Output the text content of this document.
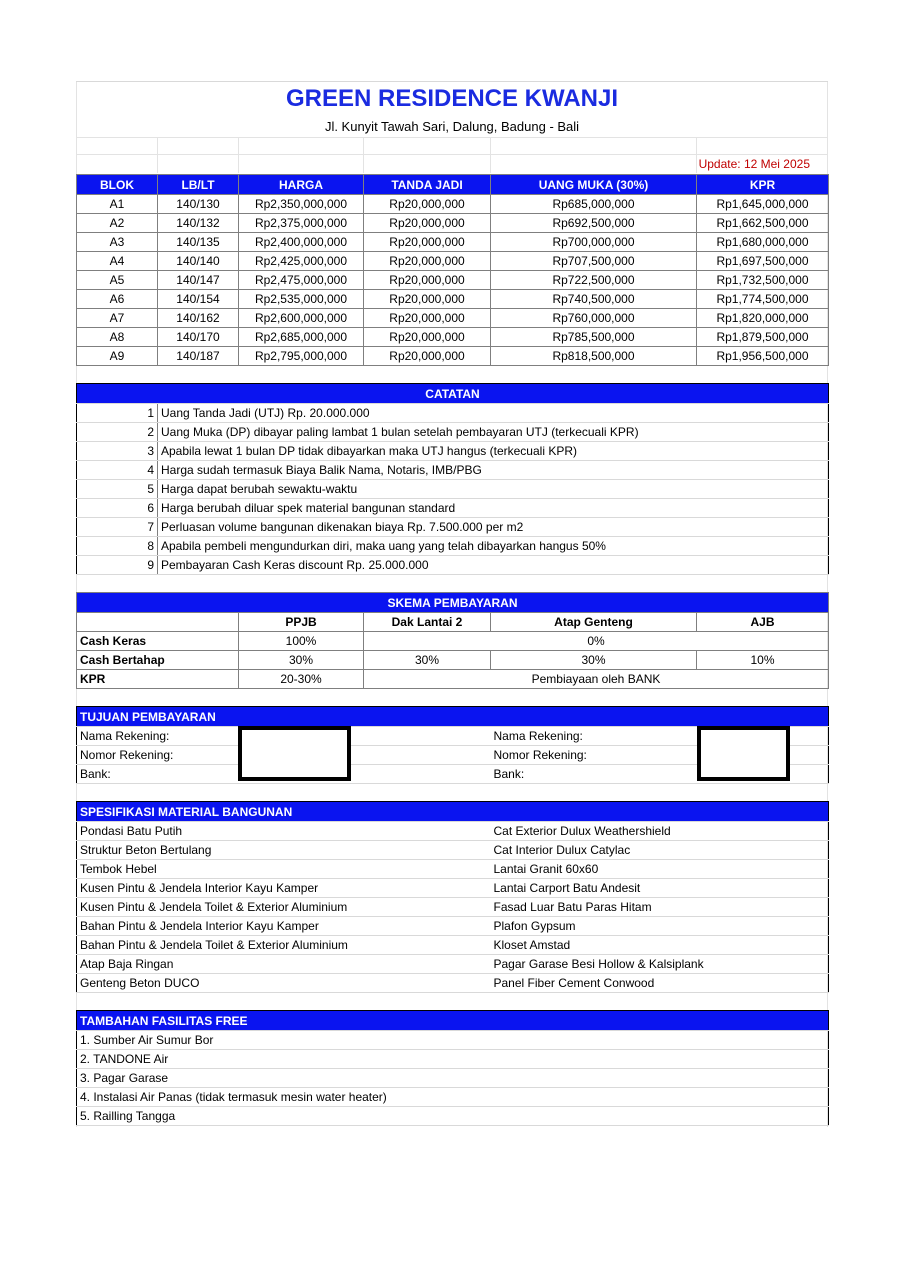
GREEN RESIDENCE KWANJI
Jl. Kunyit Tawah Sari, Dalung, Badung - Bali
Update: 12 Mei 2025
BLOK	LB/LT	HARGA	TANDA JADI	UANG MUKA (30%)	KPR
A1	140/130	Rp2,350,000,000	Rp20,000,000	Rp685,000,000	Rp1,645,000,000
A2	140/132	Rp2,375,000,000	Rp20,000,000	Rp692,500,000	Rp1,662,500,000
A3	140/135	Rp2,400,000,000	Rp20,000,000	Rp700,000,000	Rp1,680,000,000
A4	140/140	Rp2,425,000,000	Rp20,000,000	Rp707,500,000	Rp1,697,500,000
A5	140/147	Rp2,475,000,000	Rp20,000,000	Rp722,500,000	Rp1,732,500,000
A6	140/154	Rp2,535,000,000	Rp20,000,000	Rp740,500,000	Rp1,774,500,000
A7	140/162	Rp2,600,000,000	Rp20,000,000	Rp760,000,000	Rp1,820,000,000
A8	140/170	Rp2,685,000,000	Rp20,000,000	Rp785,500,000	Rp1,879,500,000
A9	140/187	Rp2,795,000,000	Rp20,000,000	Rp818,500,000	Rp1,956,500,000
CATATAN	
1	Uang Tanda Jadi (UTJ) Rp. 20.000.000
2	Uang Muka (DP) dibayar paling lambat 1 bulan setelah pembayaran UTJ (terkecuali KPR)
3	Apabila lewat 1 bulan DP tidak dibayarkan maka UTJ hangus (terkecuali KPR)
4	Harga sudah termasuk Biaya Balik Nama, Notaris, IMB/PBG
5	Harga dapat berubah sewaktu-waktu
6	Harga berubah diluar spek material bangunan standard
7	Perluasan volume bangunan dikenakan biaya Rp. 7.500.000 per m2
8	Apabila pembeli mengundurkan diri, maka uang yang telah dibayarkan hangus 50%
9	Pembayaran Cash Keras discount Rp. 25.000.000
SKEMA PEMBAYARAN				
	PPJB	Dak Lantai 2	Atap Genteng	AJB
Cash Keras	100%	0%		
Cash Bertahap	30%	30%	30%	10%
KPR	20-30%	Pembiayaan oleh BANK		
TUJUAN PEMBAYARAN				
Nama Rekening:			Nama Rekening:	
Nomor Rekening:			Nomor Rekening:	
Bank:			Bank:	
SPESIFIKASI MATERIAL BANGUNAN	
Pondasi Batu Putih	Cat Exterior Dulux Weathershield
Struktur Beton Bertulang	Cat Interior Dulux Catylac
Tembok Hebel	Lantai Granit 60x60
Kusen Pintu & Jendela Interior Kayu Kamper	Lantai Carport Batu Andesit
Kusen Pintu & Jendela Toilet & Exterior Aluminium	Fasad Luar Batu Paras Hitam
Bahan Pintu & Jendela Interior Kayu Kamper	Plafon Gypsum
Bahan Pintu & Jendela Toilet & Exterior Aluminium	Kloset Amstad
Atap Baja Ringan	Pagar Garase Besi Hollow & Kalsiplank
Genteng Beton DUCO	Panel Fiber Cement Conwood
TAMBAHAN FASILITAS FREE
1. Sumber Air Sumur Bor
2. TANDONE Air
3. Pagar Garase
4. Instalasi Air Panas (tidak termasuk mesin water heater)
5. Railling Tangga
